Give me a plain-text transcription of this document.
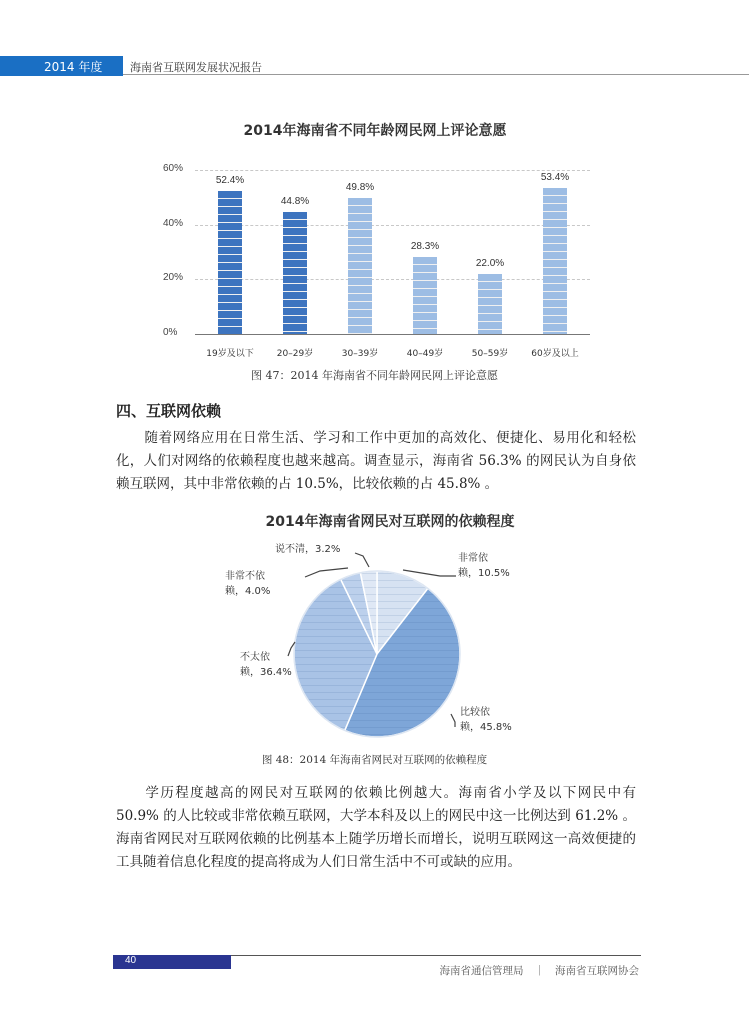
2014 年度	海南省互联网发展状况报告
2014年海南省不同年龄网民网上评论意愿
0%
20%
40%
60%
52.4%
19岁及以下
44.8%
20–29岁
49.8%
30–39岁
28.3%
40–49岁
22.0%
50–59岁
53.4%
60岁及以上
图 47：2014 年海南省不同年龄网民网上评论意愿
四、互联网依赖
随着网络应用在日常生活、学习和工作中更加的高效化、便捷化、易用化和轻松化，人们对网络的依赖程度也越来越高。调查显示，海南省 56.3% 的网民认为自身依赖互联网，其中非常依赖的占 10.5%，比较依赖的占 45.8% 。
2014年海南省网民对互联网的依赖程度
非常依
赖，10.5%
比较依
赖，45.8%
不太依
赖，36.4%
非常不依
赖，4.0%
说不清，3.2%
图 48：2014 年海南省网民对互联网的依赖程度
学历程度越高的网民对互联网的依赖比例越大。海南省小学及以下网民中有 50.9% 的人比较或非常依赖互联网，大学本科及以上的网民中这一比例达到 61.2% 。海南省网民对互联网依赖的比例基本上随学历增长而增长，说明互联网这一高效便捷的工具随着信息化程度的提高将成为人们日常生活中不可或缺的应用。
40
海南省通信管理局　｜　海南省互联网协会
